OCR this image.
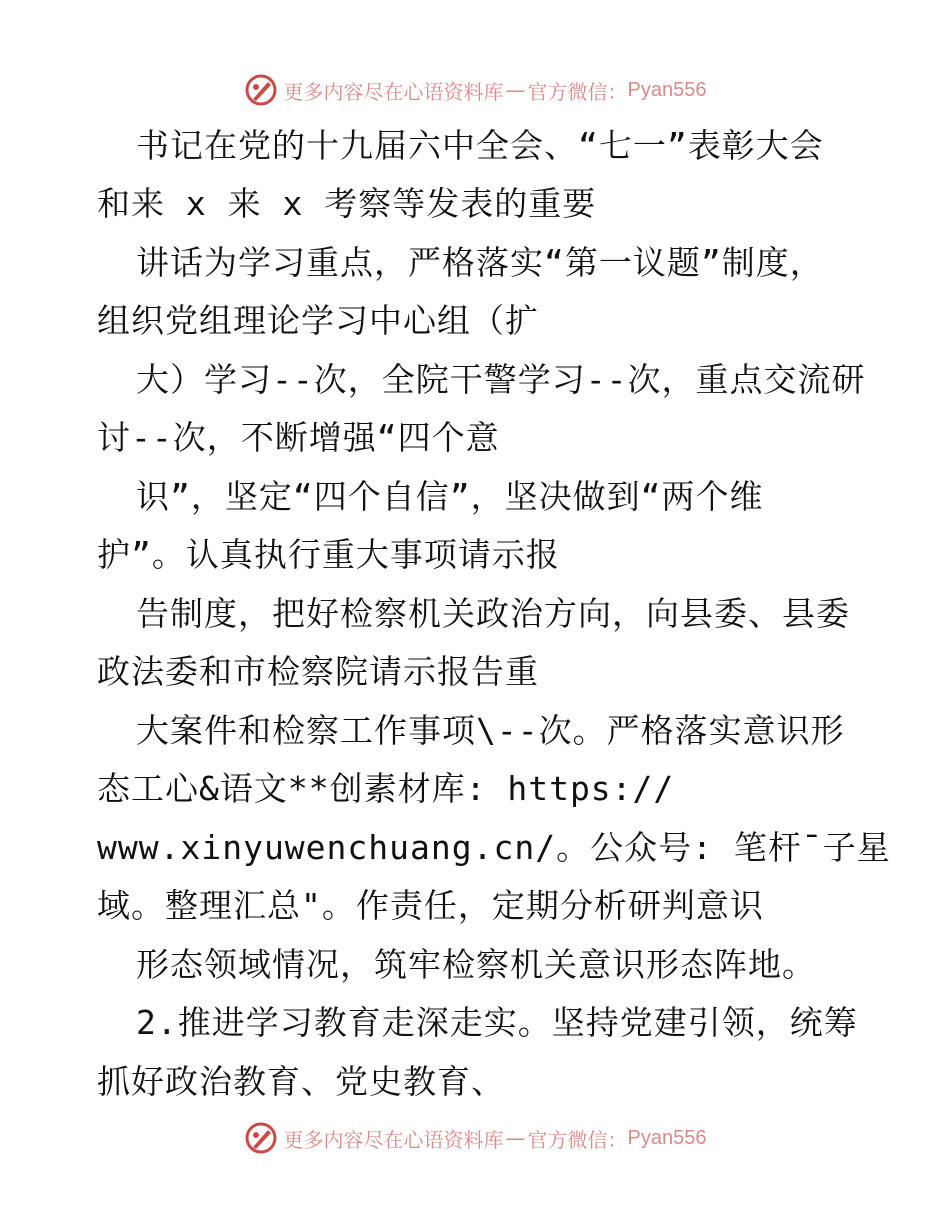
更多内容尽在心语资料库 — 官方微信： Pyan556
书记在党的十九届六中全会、“七一”表彰大会
和来 x 来 x 考察等发表的重要
讲话为学习重点，严格落实“第一议题”制度，
组织党组理论学习中心组（扩
大）学习--次，全院干警学习--次，重点交流研
讨--次，不断增强“四个意
识”，坚定“四个自信”，坚决做到“两个维
护”。认真执行重大事项请示报
告制度，把好检察机关政治方向，向县委、县委
政法委和市检察院请示报告重
大案件和检察工作事项\--次。严格落实意识形
态工心&语文**创素材库: https://
www.xinyuwenchuang.cn/。公众号: 笔杆¯子星
域。整理汇总"。作责任，定期分析研判意识
形态领域情况，筑牢检察机关意识形态阵地。
2.推进学习教育走深走实。坚持党建引领，统筹
抓好政治教育、党史教育、
更多内容尽在心语资料库 — 官方微信： Pyan556
